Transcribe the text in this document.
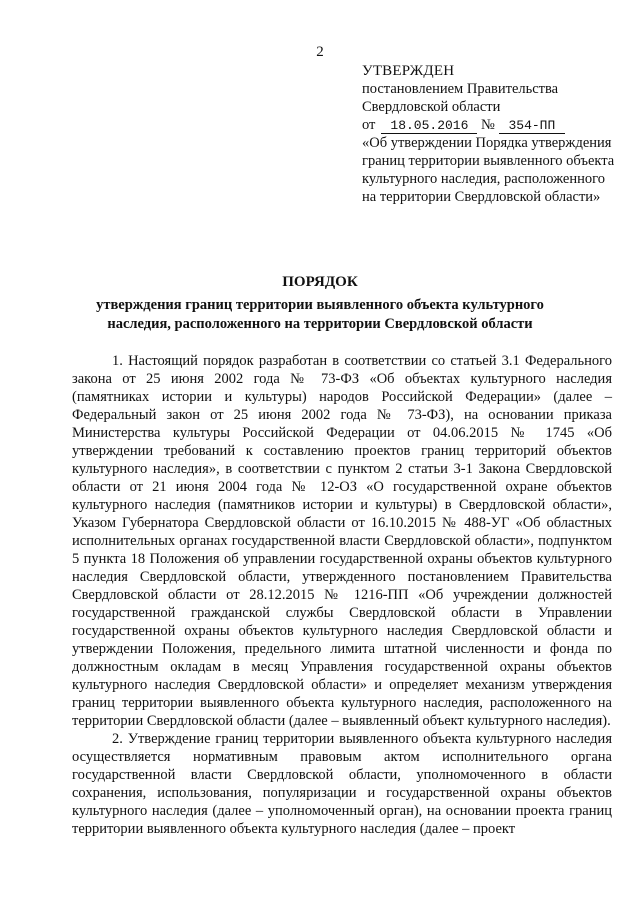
2
УТВЕРЖДЕН
постановлением Правительства
Свердловской области
от 18.05.2016 № 354-ПП
«Об утверждении Порядка утверждения границ территории выявленного объекта культурного наследия, расположенного на территории Свердловской области»
ПОРЯДОК
утверждения границ территории выявленного объекта культурного наследия, расположенного на территории Свердловской области

1. Настоящий порядок разработан в соответствии со статьей 3.1 Федерального закона от 25 июня 2002 года № 73-ФЗ «Об объектах культурного наследия (памятниках истории и культуры) народов Российской Федерации» (далее – Федеральный закон от 25 июня 2002 года № 73-ФЗ), на основании приказа Министерства культуры Российской Федерации от 04.06.2015 № 1745 «Об утверждении требований к составлению проектов границ территорий объектов культурного наследия», в соответствии с пунктом 2 статьи 3-1 Закона Свердловской области от 21 июня 2004 года № 12-ОЗ «О государственной охране объектов культурного наследия (памятников истории и культуры) в Свердловской области», Указом Губернатора Свердловской области от 16.10.2015 № 488-УГ «Об областных исполнительных органах государственной власти Свердловской области», подпунктом 5 пункта 18 Положения об управлении государственной охраны объектов культурного наследия Свердловской области, утвержденного постановлением Правительства Свердловской области от 28.12.2015 № 1216-ПП «Об учреждении должностей государственной гражданской службы Свердловской области в Управлении государственной охраны объектов культурного наследия Свердловской области и утверждении Положения, предельного лимита штатной численности и фонда по должностным окладам в месяц Управления государственной охраны объектов культурного наследия Свердловской области» и определяет механизм утверждения границ территории выявленного объекта культурного наследия, расположенного на территории Свердловской области (далее – выявленный объект культурного наследия).

2. Утверждение границ территории выявленного объекта культурного наследия осуществляется нормативным правовым актом исполнительного органа государственной власти Свердловской области, уполномоченного в области сохранения, использования, популяризации и государственной охраны объектов культурного наследия (далее – уполномоченный орган), на основании проекта границ территории выявленного объекта культурного наследия (далее – проект
